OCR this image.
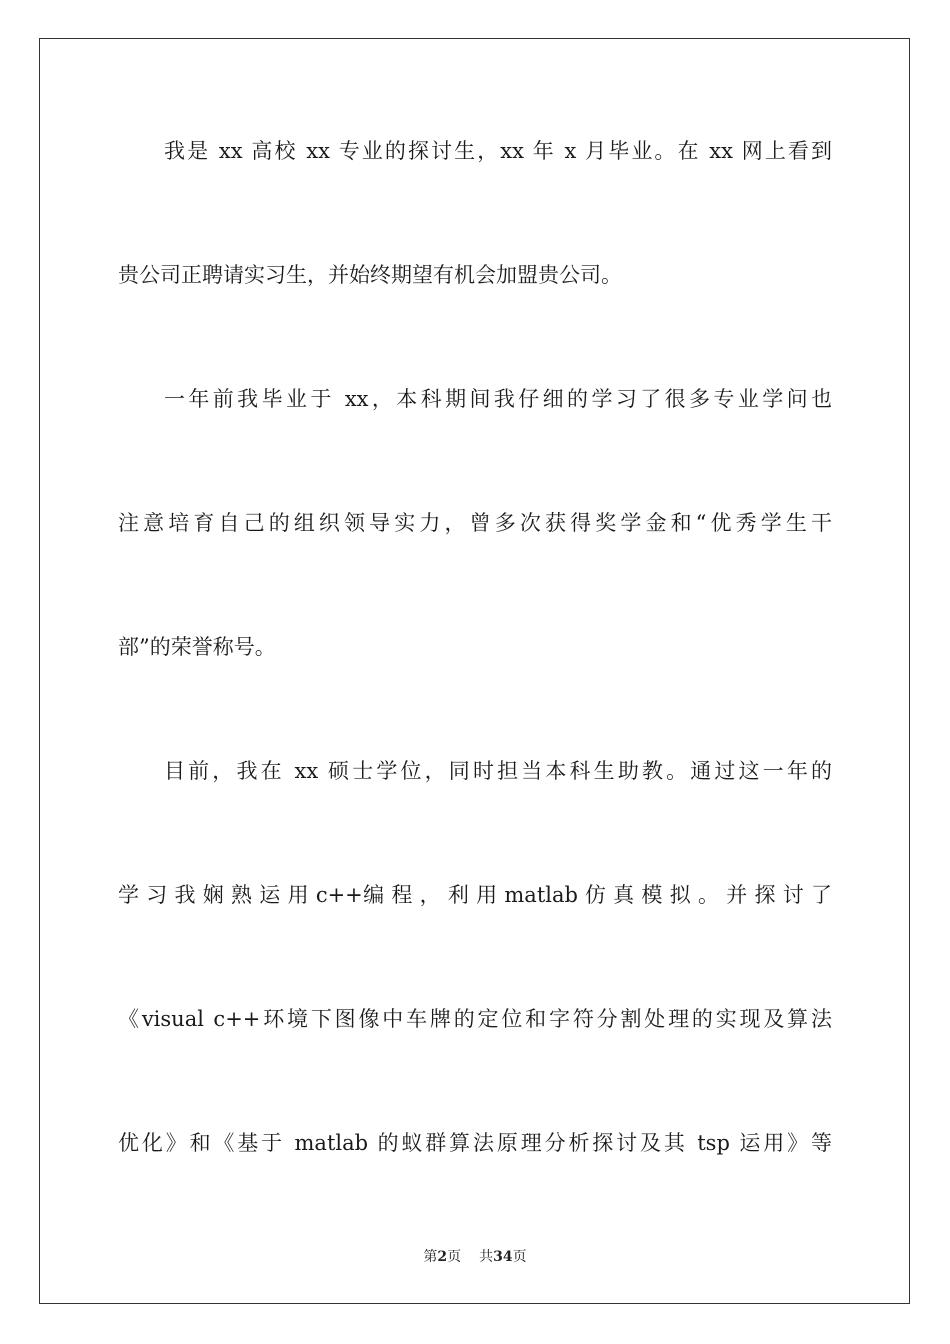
我是 xx 高校 xx 专业的探讨生，xx 年 x 月毕业。在 xx 网上看到
贵公司正聘请实习生，并始终期望有机会加盟贵公司。
一年前我毕业于 xx，本科期间我仔细的学习了很多专业学问也
注意培育自己的组织领导实力，曾多次获得奖学金和“优秀学生干
部”的荣誉称号。
目前，我在 xx 硕士学位，同时担当本科生助教。通过这一年的
学 习 我 娴 熟 运 用 c++编 程 ， 利 用 matlab 仿 真 模 拟 。 并 探 讨 了
《visual c++环境下图像中车牌的定位和字符分割处理的实现及算法
优化》和《基于 matlab 的蚁群算法原理分析探讨及其 tsp 运用》等
第2页 共34页
